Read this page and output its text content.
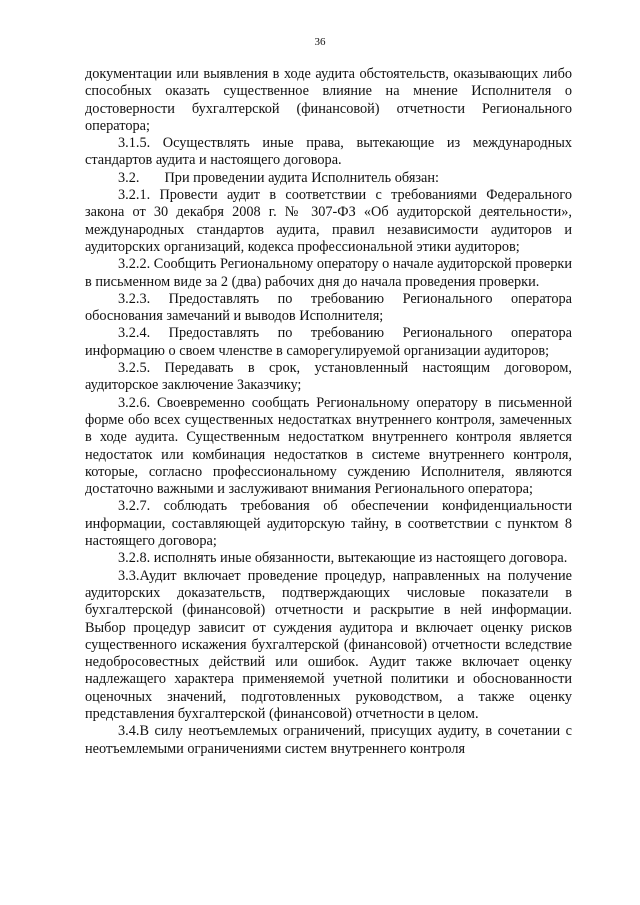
36

документации или выявления в ходе аудита обстоятельств, оказывающих либо способных оказать существенное влияние на мнение Исполнителя о достоверности бухгалтерской (финансовой) отчетности Регионального оператора;

3.1.5. Осуществлять иные права, вытекающие из международных стандартов аудита и настоящего договора.

3.2.       При проведении аудита Исполнитель обязан:

3.2.1. Провести аудит в соответствии с требованиями Федерального закона от 30 декабря 2008 г. № 307-ФЗ «Об аудиторской деятельности», международных стандартов аудита, правил независимости аудиторов и аудиторских организаций, кодекса профессиональной этики аудиторов;

3.2.2. Сообщить Региональному оператору о начале аудиторской проверки в письменном виде за 2 (два) рабочих дня до начала проведения проверки.

3.2.3. Предоставлять по требованию Регионального оператора обоснования замечаний и выводов Исполнителя;

3.2.4. Предоставлять по требованию Регионального оператора информацию о своем членстве в саморегулируемой организации аудиторов;

3.2.5. Передавать в срок, установленный настоящим договором, аудиторское заключение Заказчику;

3.2.6. Своевременно сообщать Региональному оператору в письменной форме обо всех существенных недостатках внутреннего контроля, замеченных в ходе аудита. Существенным недостатком внутреннего контроля является недостаток или комбинация недостатков в системе внутреннего контроля, которые, согласно профессиональному суждению Исполнителя, являются достаточно важными и заслуживают внимания Регионального оператора;

3.2.7. соблюдать требования об обеспечении конфиденциальности информации, составляющей аудиторскую тайну, в соответствии с пунктом 8 настоящего договора;

3.2.8. исполнять иные обязанности, вытекающие из настоящего договора.

3.3.Аудит включает проведение процедур, направленных на получение аудиторских доказательств, подтверждающих числовые показатели в бухгалтерской (финансовой) отчетности и раскрытие в ней информации. Выбор процедур зависит от суждения аудитора и включает оценку рисков существенного искажения бухгалтерской (финансовой) отчетности вследствие недобросовестных действий или ошибок. Аудит также включает оценку надлежащего характера применяемой учетной политики и обоснованности оценочных значений, подготовленных руководством, а также оценку представления бухгалтерской (финансовой) отчетности в целом.

3.4.В силу неотъемлемых ограничений, присущих аудиту, в сочетании с неотъемлемыми ограничениями систем внутреннего контроля
